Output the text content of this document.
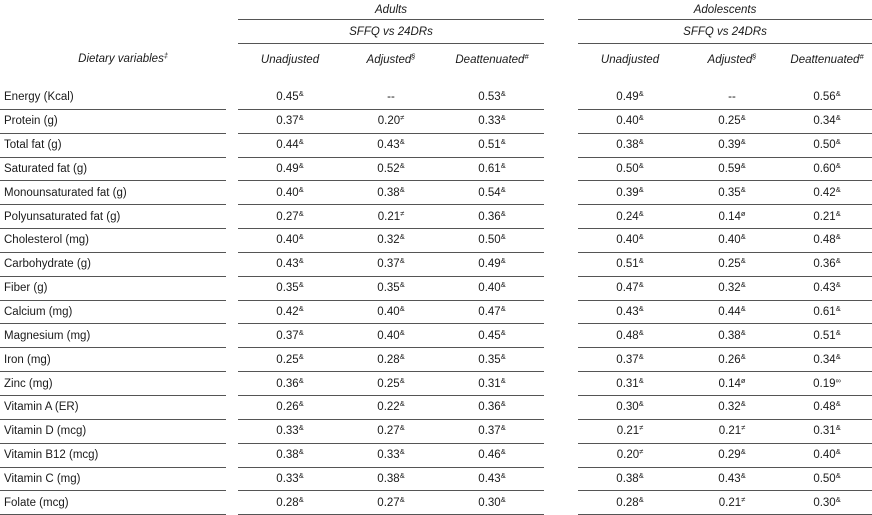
		Adults				Adolescents		
		SFFQ vs 24DRs				SFFQ vs 24DRs		
Dietary variables‡		Unadjusted	Adjusted§	Deattenuated#		Unadjusted	Adjusted§	Deattenuated#

Energy (Kcal)		0.45&	--	0.53&		0.49&	--	0.56&
Protein (g)		0.37&	0.20≠	0.33&		0.40&	0.25&	0.34&
Total fat (g)		0.44&	0.43&	0.51&		0.38&	0.39&	0.50&
Saturated fat (g)		0.49&	0.52&	0.61&		0.50&	0.59&	0.60&
Monounsaturated fat (g)		0.40&	0.38&	0.54&		0.39&	0.35&	0.42&
Polyunsaturated fat (g)		0.27&	0.21≠	0.36&		0.24&	$0.14^ø$	0.21&
Cholesterol (mg)		0.40&	0.32&	0.50&		0.40&	0.40&	0.48&
Carbohydrate (g)		0.43&	0.37&	0.49&		0.51&	0.25&	0.36&
Fiber (g)		0.35&	0.35&	0.40&		0.47&	0.32&	0.43&
Calcium (mg)		0.42&	0.40&	0.47&		0.43&	0.44&	0.61&
Magnesium (mg)		0.37&	0.40&	0.45&		0.48&	0.38&	0.51&
Iron (mg)		0.25&	0.28&	0.35&		0.37&	0.26&	0.34&
Zinc (mg)		0.36&	0.25&	0.31&		0.31&	$0.14^ø$	0.19∞
Vitamin A (ER)		0.26&	0.22&	0.36&		0.30&	0.32&	0.48&
Vitamin D (mcg)		0.33&	0.27&	0.37&		0.21≠	0.21≠	0.31&
Vitamin B12 (mcg)		0.38&	0.33&	0.46&		0.20≠	0.29&	0.40&
Vitamin C (mg)		0.33&	0.38&	0.43&		0.38&	0.43&	0.50&
Folate (mcg)		0.28&	0.27&	0.30&		0.28&	0.21≠	0.30&
